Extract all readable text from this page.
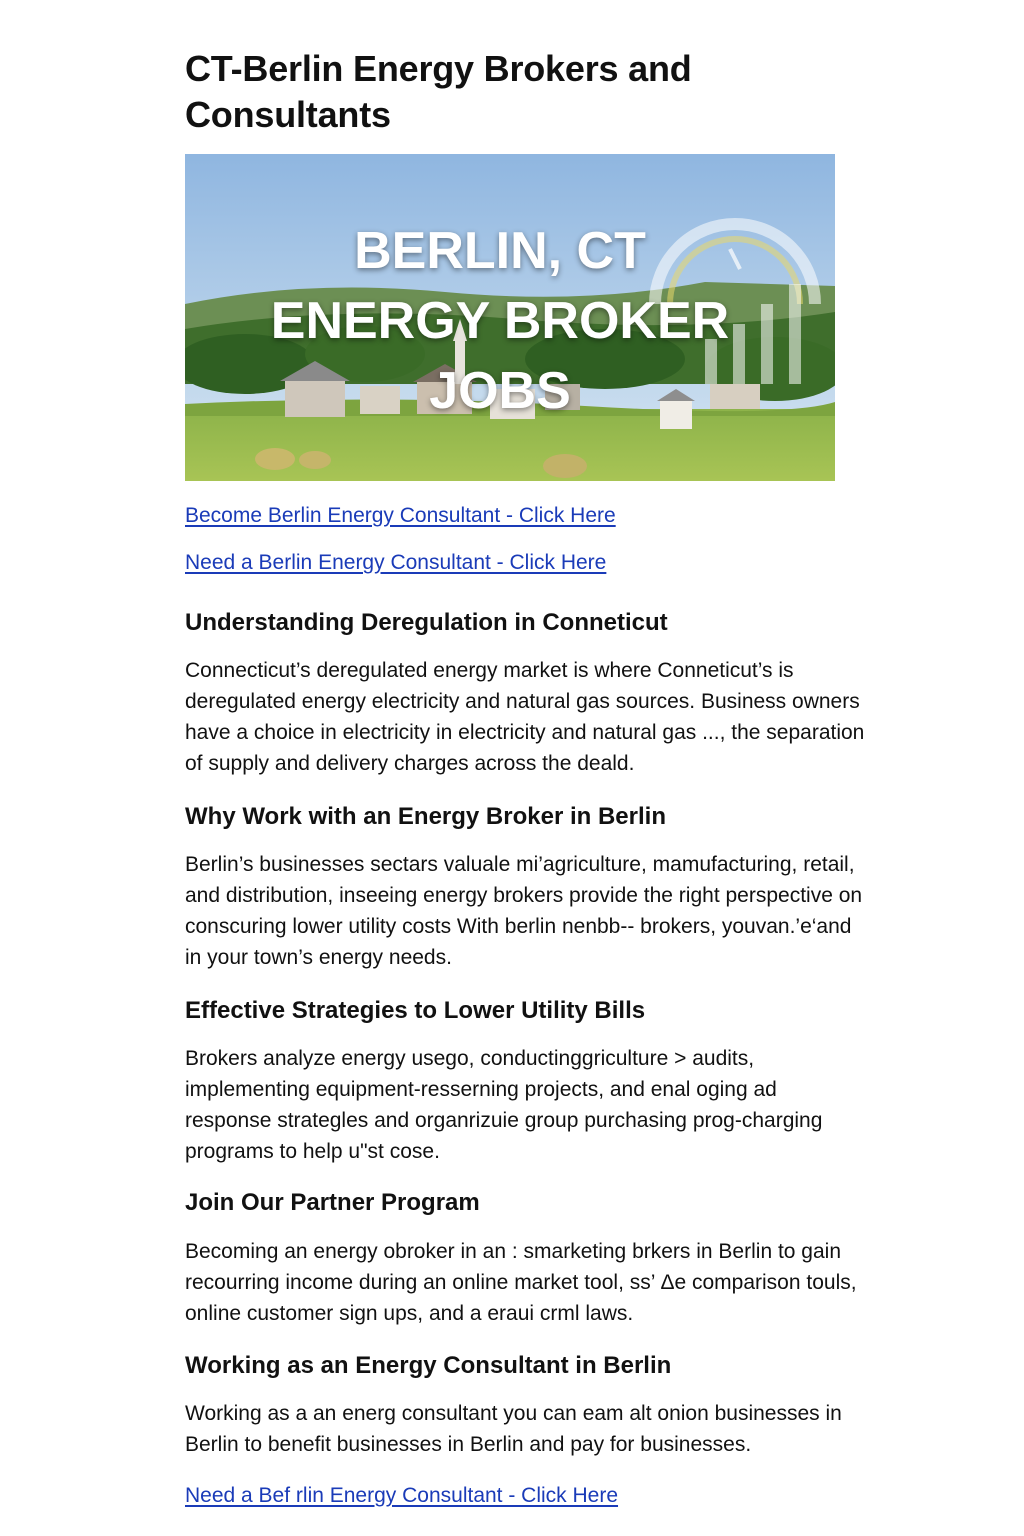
CT-Berlin Energy Brokers and Consultants
BERLIN, CT
ENERGY BROKER
JOBS
Become Berlin Energy Consultant - Click Here
Need a Berlin Energy Consultant - Click Here
Understanding Deregulation in Conneticut

Connecticut’s deregulated energy market is where Conneticut’s is deregulated energy electricity and natural gas sources. Business owners have a choice in electricity in electricity and natural gas ..., the separation of supply and delivery charges across the deald.

Why Work with an Energy Broker in Berlin

Berlin’s businesses sectars valuale mi’agriculture, mamufacturing, retail, and distribution, inseeing energy brokers provide the right perspective on conscuring lower utility costs With berlin nenbb-- brokers, youvan.’e‘and in your town’s energy needs.

Effective Strategies to Lower Utility Bills

Brokers analyze energy usego, conductinggriculture > audits, implementing equipment-resserning projects, and enal oging ad response strategles and organrizuie group purchasing prog-charging programs to help u"st cose.

Join Our Partner Program

Becoming an energy obroker in an : smarketing brkers in Berlin to gain recourring income during an online market tool, ss’ Δe comparison touls, online customer sign ups, and a eraui crml laws.

Working as an Energy Consultant in Berlin

Working as a an energ consultant you can eam alt onion businesses in Berlin to benefit businesses in Berlin and pay for businesses.

Need a Bef rlin Energy Consultant - Click Here
